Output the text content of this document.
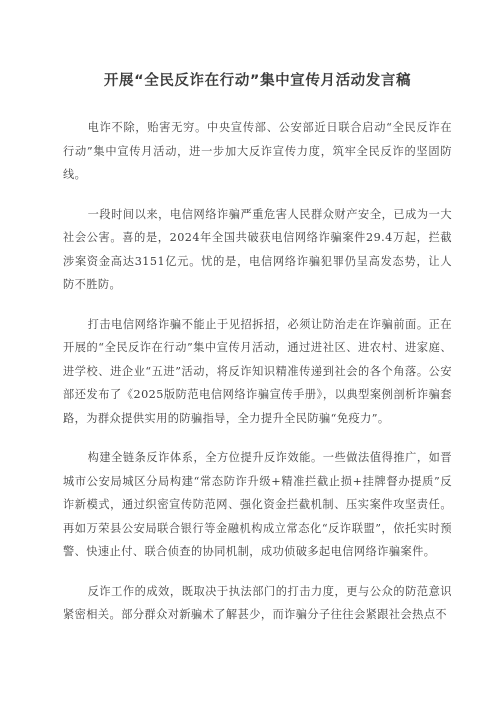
开展“全民反诈在行动”集中宣传月活动发言稿

电诈不除，贻害无穷。中央宣传部、公安部近日联合启动“全民反诈在行动”集中宣传月活动，进一步加大反诈宣传力度，筑牢全民反诈的坚固防线。

一段时间以来，电信网络诈骗严重危害人民群众财产安全，已成为一大社会公害。喜的是，2024年全国共破获电信网络诈骗案件29.4万起，拦截涉案资金高达3151亿元。忧的是，电信网络诈骗犯罪仍呈高发态势，让人防不胜防。

打击电信网络诈骗不能止于见招拆招，必须让防治走在诈骗前面。正在开展的“全民反诈在行动”集中宣传月活动，通过进社区、进农村、进家庭、进学校、进企业“五进”活动，将反诈知识精准传递到社会的各个角落。公安部还发布了《2025版防范电信网络诈骗宣传手册》，以典型案例剖析诈骗套路，为群众提供实用的防骗指导，全力提升全民防骗“免疫力”。

构建全链条反诈体系，全方位提升反诈效能。一些做法值得推广，如晋城市公安局城区分局构建“常态防诈升级+精准拦截止损+挂牌督办提质”反诈新模式，通过织密宣传防范网、强化资金拦截机制、压实案件攻坚责任。再如万荣县公安局联合银行等金融机构成立常态化“反诈联盟”，依托实时预警、快速止付、联合侦查的协同机制，成功侦破多起电信网络诈骗案件。

反诈工作的成效，既取决于执法部门的打击力度，更与公众的防范意识紧密相关。部分群众对新骗术了解甚少，而诈骗分子往往会紧跟社会热点不
